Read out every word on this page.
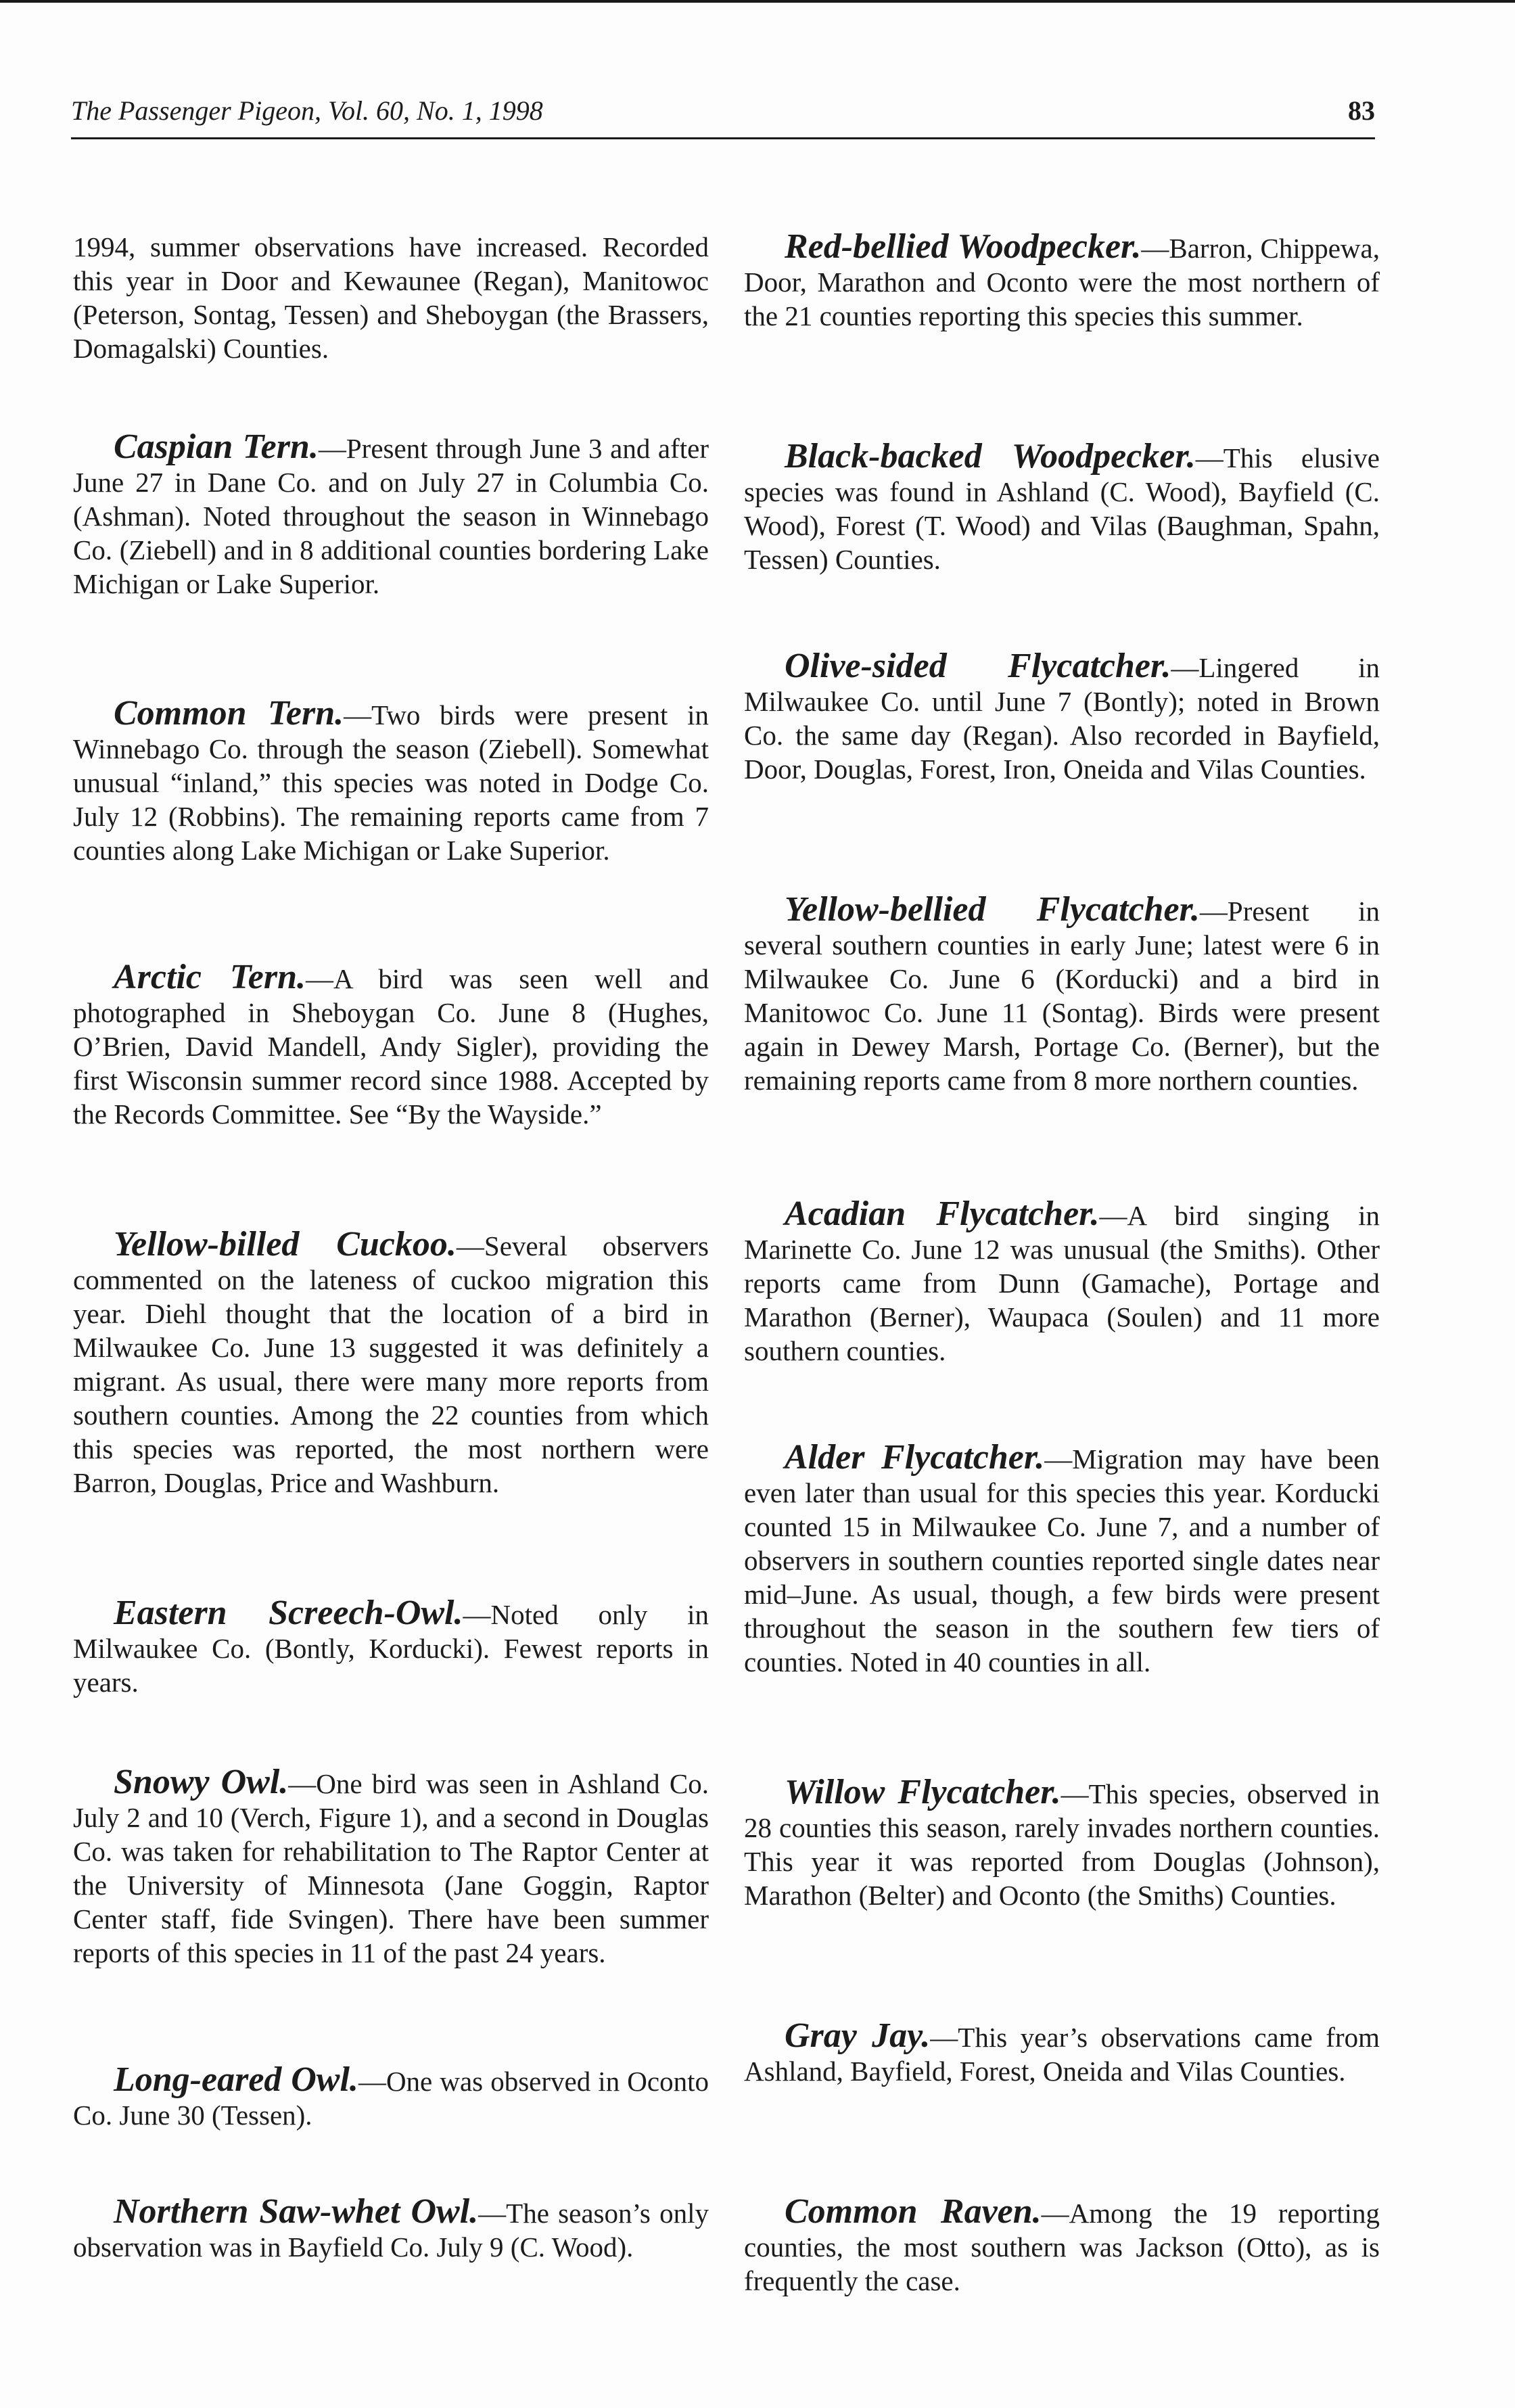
The Passenger Pigeon, Vol. 60, No. 1, 1998	83

1994, summer observations have increased. Recorded this year in Door and Kewaunee (Regan), Manitowoc (Peterson, Sontag, Tessen) and Sheboygan (the Brassers, Domagalski) Counties.

Caspian Tern.—Present through June 3 and after June 27 in Dane Co. and on July 27 in Columbia Co. (Ashman). Noted throughout the season in Winnebago Co. (Ziebell) and in 8 additional counties bordering Lake Michigan or Lake Superior.

Common Tern.—Two birds were present in Winnebago Co. through the season (Ziebell). Somewhat unusual “inland,” this species was noted in Dodge Co. July 12 (Robbins). The remaining reports came from 7 counties along Lake Michigan or Lake Superior.

Arctic Tern.—A bird was seen well and photographed in Sheboygan Co. June 8 (Hughes, O’Brien, David Mandell, Andy Sigler), providing the first Wisconsin summer record since 1988. Accepted by the Records Committee. See “By the Wayside.”

Yellow-billed Cuckoo.—Several observers commented on the lateness of cuckoo migration this year. Diehl thought that the location of a bird in Milwaukee Co. June 13 suggested it was definitely a migrant. As usual, there were many more reports from southern counties. Among the 22 counties from which this species was reported, the most northern were Barron, Douglas, Price and Washburn.

Eastern Screech-Owl.—Noted only in Milwaukee Co. (Bontly, Korducki). Fewest reports in years.

Snowy Owl.—One bird was seen in Ashland Co. July 2 and 10 (Verch, Figure 1), and a second in Douglas Co. was taken for rehabilitation to The Raptor Center at the University of Minnesota (Jane Goggin, Raptor Center staff, fide Svingen). There have been summer reports of this species in 11 of the past 24 years.

Long-eared Owl.—One was observed in Oconto Co. June 30 (Tessen).

Northern Saw-whet Owl.—The season’s only observation was in Bayfield Co. July 9 (C. Wood).

Red-bellied Woodpecker.—Barron, Chippewa, Door, Marathon and Oconto were the most northern of the 21 counties reporting this species this summer.

Black-backed Woodpecker.—This elusive species was found in Ashland (C. Wood), Bayfield (C. Wood), Forest (T. Wood) and Vilas (Baughman, Spahn, Tessen) Counties.

Olive-sided Flycatcher.—Lingered in Milwaukee Co. until June 7 (Bontly); noted in Brown Co. the same day (Regan). Also recorded in Bayfield, Door, Douglas, Forest, Iron, Oneida and Vilas Counties.

Yellow-bellied Flycatcher.—Present in several southern counties in early June; latest were 6 in Milwaukee Co. June 6 (Korducki) and a bird in Manitowoc Co. June 11 (Sontag). Birds were present again in Dewey Marsh, Portage Co. (Berner), but the remaining reports came from 8 more northern counties.

Acadian Flycatcher.—A bird singing in Marinette Co. June 12 was unusual (the Smiths). Other reports came from Dunn (Gamache), Portage and Marathon (Berner), Waupaca (Soulen) and 11 more southern counties.

Alder Flycatcher.—Migration may have been even later than usual for this species this year. Korducki counted 15 in Milwaukee Co. June 7, and a number of observers in southern counties reported single dates near mid–June. As usual, though, a few birds were present throughout the season in the southern few tiers of counties. Noted in 40 counties in all.

Willow Flycatcher.—This species, observed in 28 counties this season, rarely invades northern counties. This year it was reported from Douglas (Johnson), Marathon (Belter) and Oconto (the Smiths) Counties.

Gray Jay.—This year’s observations came from Ashland, Bayfield, Forest, Oneida and Vilas Counties.

Common Raven.—Among the 19 reporting counties, the most southern was Jackson (Otto), as is frequently the case.
